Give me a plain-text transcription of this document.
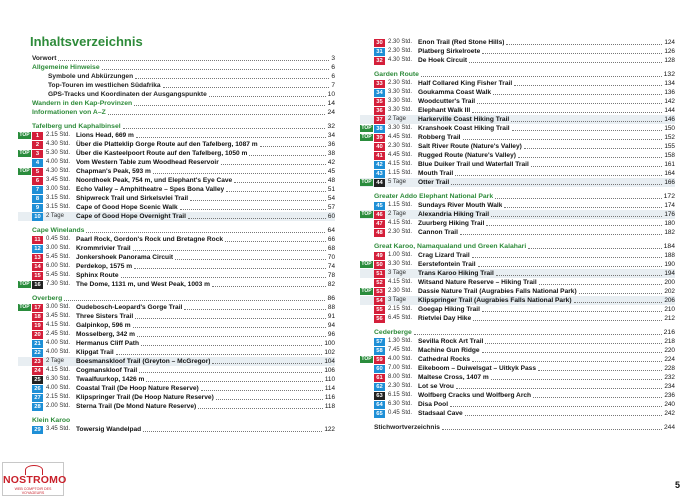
Inhaltsverzeichnis
Vorwort	3
Allgemeine Hinweise	6
Symbole und Abkürzungen	6
Top-Touren im westlichen Südafrika	7
GPS-Tracks und Koordinaten der Ausgangspunkte	10
Wandern in den Kap-Provinzen	14
Informationen von A–Z	24
Tafelberg und Kaphalbinsel	32
TOP	1	2.15 Std. Lions Head, 669 m	34
2	4.30 Std. Über die Platteklip Gorge Route auf den Tafelberg, 1087 m	36
TOP	3	5.30 Std. Über die Kasteelpoort Route auf den Tafelberg, 1050 m	38
4	4.00 Std. Vom Western Table zum Woodhead Reservoir	42
TOP	5	4.30 Std. Chapman's Peak, 593 m	45
6	3.45 Std. Noordhoek Peak, 754 m, und Elephant's Eye Cave	48
7	3.00 Std. Echo Valley – Amphitheatre – Spes Bona Valley	51
8	3.15 Std. Shipwreck Trail und Sirkelsvlei Trail	54
9	3.15 Std. Cape of Good Hope Scenic Walk	57
10 2 Tage	Cape of Good Hope Overnight Trail	60
Cape Winelands	64
11 0.45 Std. Paarl Rock, Gordon's Rock und Bretagne Rock	66
12 3.00 Std. Krommrivier Trail	68
13 5.45 Std. Jonkershoek Panorama Circuit	70
14 6.00 Std. Perdekop, 1575 m	74
15 5.45 Std. Sphinx Route	78
TOP 16 7.30 Std. The Dome, 1131 m, und West Peak, 1003 m	82
Overberg	86
TOP 17 3.00 Std. Oudebosch-Leopard's Gorge Trail	88
18 3.45 Std. Three Sisters Trail	91
19 4.15 Std. Galpinkop, 596 m	94
20 2.45 Std. Mosselberg, 342 m	96
21 4.00 Std. Hermanus Cliff Path	100
22 4.00 Std. Klipgat Trail	102
23 2 Tage	Boesmanskloof Trail (Greyton – McGregor)	104
24 4.15 Std. Cogmanskloof Trail	106
25 6.30 Std. Twaalfuurkop, 1426 m	110
26 4.00 Std. Coastal Trail (De Hoop Nature Reserve)	114
27 2.15 Std. Klipspringer Trail (De Hoop Nature Reserve)	116
28 2.00 Std. Sterna Trail (De Mond Nature Reserve)	118
Klein Karoo
29 3.45 Std. Towersig Wandelpad	122
30 2.30 Std. Enon Trail (Red Stone Hills)	124
31 2.30 Std. Platberg Sirkelroete	126
32 4.30 Std. De Hoek Circuit	128
Garden Route	132
33 2.30 Std. Half Collared King Fisher Trail	134
34 3.30 Std. Goukamma Coast Walk	136
35 3.30 Std. Woodcutter's Trail	142
36 3.30 Std. Elephant Walk III	144
37 2 Tage	Harkerville Coast Hiking Trail	146
TOP 38 3.30 Std. Kranshoek Coast Hiking Trail	150
TOP 39 4.45 Std. Robberg Trail	152
40 2.30 Std. Salt River Route (Nature's Valley)	155
41 4.45 Std. Rugged Route (Nature's Valley)	158
42 4.15 Std. Blue Duiker Trail und Waterfall Trail	161
43 1.15 Std. Mouth Trail	164
TOP 44 5 Tage	Otter Trail	166
Greater Addo Elephant National Park	172
45 1.15 Std. Sundays River Mouth Walk	174
TOP 46 2 Tage	Alexandria Hiking Trail	176
47 4.15 Std. Zuurberg Hiking Trail	180
48 2.30 Std. Cannon Trail	182
Great Karoo, Namaqualand und Green Kalahari	184
49 1.00 Std. Crag Lizard Trail	188
TOP 50 3.30 Std. Eerstefontein Trail	190
51 3 Tage	Trans Karoo Hiking Trail	194
52 4.15 Std. Witsand Nature Reserve – Hiking Trail	200
TOP 53 2.30 Std. Dassie Nature Trail (Augrabies Falls National Park)	202
54 3 Tage	Klipspringer Trail (Augrabies Falls National Park)	206
55 2.15 Std. Goegap Hiking Trail	210
56 6.45 Std. Rietvlei Day Hike	212
Cederberge	216
57 1.30 Std. Sevilla Rock Art Trail	218
58 7.45 Std. Machine Gun Ridge	220
TOP 59 4.00 Std. Cathedral Rocks	224
60 7.00 Std. Eikeboom – Duiwelsgat – Uitkyk Pass	228
61 8.00 Std. Maltese Cross, 1407 m	232
62 2.30 Std. Lot se Vrou	234
63 6.15 Std. Wolfberg Cracks und Wolfberg Arch	236
64 6.30 Std. Disa Pool	240
65 0.45 Std. Stadsaal Cave	242
Stichwortverzeichnis	244
5
NOSTROMO
WEB COMPTOIR DES VOYAGEURS
